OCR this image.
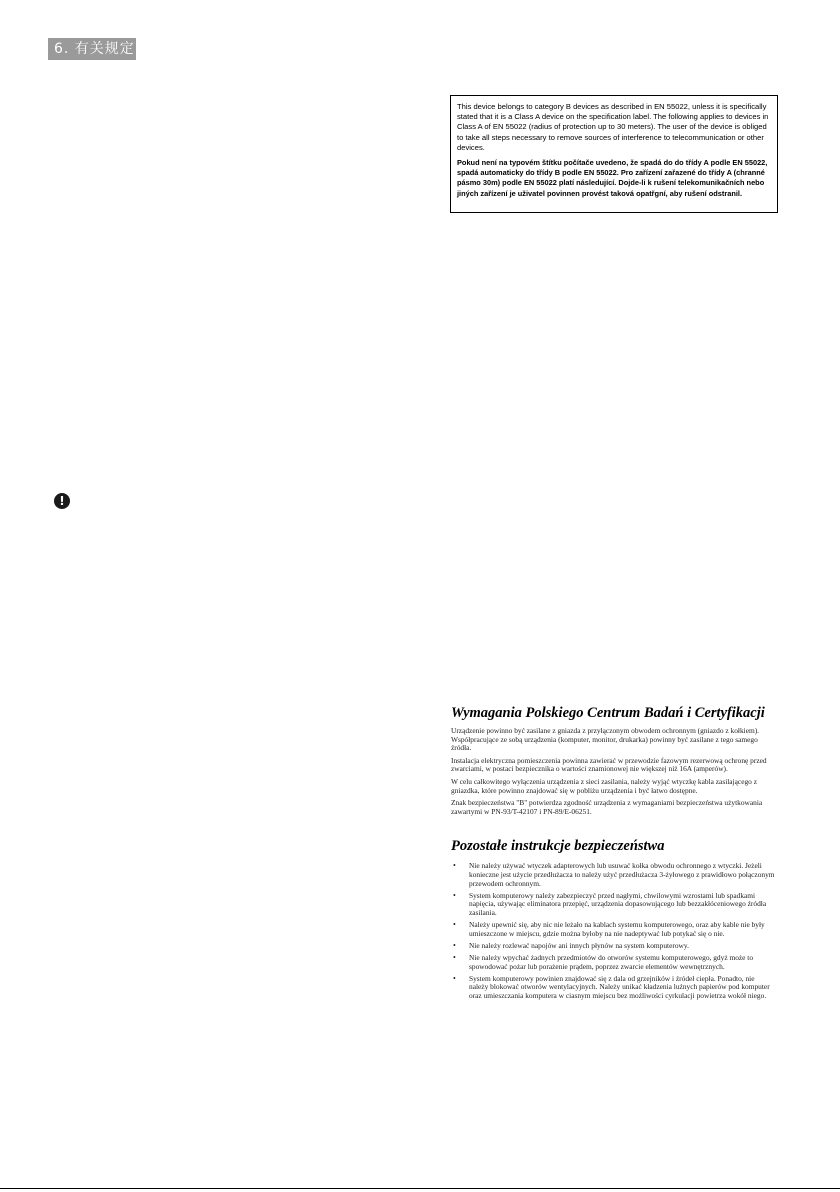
6. 有关规定

This device belongs to category B devices as described in EN 55022, unless it is specifically stated that it is a Class A device on the specification label. The following applies to devices in Class A of EN 55022 (radius of protection up to 30 meters). The user of the device is obliged to take all steps necessary to remove sources of interference to telecommunication or other devices.

Pokud není na typovém štítku počítače uvedeno, že spadá do do třídy A podle EN 55022, spadá automaticky do třídy B podle EN 55022. Pro zařízení zařazené do třídy A (chranné pásmo 30m) podle EN 55022 platí následující. Dojde-li k rušení telekomunikačních nebo jiných zařízení je uživatel povinnen provést taková opatřgní, aby rušení odstranil.

!
Wymagania Polskiego Centrum Badań i Certyfikacji

Urządzenie powinno być zasilane z gniazda z przyłączonym obwodem ochronnym (gniazdo z kołkiem). Współpracujące ze sobą urządzenia (komputer, monitor, drukarka) powinny być zasilane z tego samego źródła.

Instalacja elektryczna pomieszczenia powinna zawierać w przewodzie fazowym rezerwową ochronę przed zwarciami, w postaci bezpiecznika o wartości znamionowej nie większej niż 16A (amperów).

W celu całkowitego wyłączenia urządzenia z sieci zasilania, należy wyjąć wtyczkę kabla zasilającego z gniazdka, które powinno znajdować się w pobliżu urządzenia i być łatwo dostępne.

Znak bezpieczeństwa "B" potwierdza zgodność urządzenia z wymaganiami bezpieczeństwa użytkowania zawartymi w PN-93/T-42107 i PN-89/E-06251.

Pozostałe instrukcje bezpieczeństwa
• Nie należy używać wtyczek adapterowych lub usuwać kołka obwodu ochronnego z wtyczki. Jeżeli konieczne jest użycie przedłużacza to należy użyć przedłużacza 3-żyłowego z prawidłowo połączonym przewodem ochronnym.
• System komputerowy należy zabezpieczyć przed nagłymi, chwilowymi wzrostami lub spadkami napięcia, używając eliminatora przepięć, urządzenia dopasowującego lub bezzakłóceniowego źródła zasilania.
• Należy upewnić się, aby nic nie leżało na kablach systemu komputerowego, oraz aby kable nie były umieszczone w miejscu, gdzie można byłoby na nie nadeptywać lub potykać się o nie.
• Nie należy rozlewać napojów ani innych płynów na system komputerowy.
• Nie należy wpychać żadnych przedmiotów do otworów systemu komputerowego, gdyż może to spowodować pożar lub porażenie prądem, poprzez zwarcie elementów wewnętrznych.
• System komputerowy powinien znajdować się z dala od grzejników i źródeł ciepła. Ponadto, nie należy blokować otworów wentylacyjnych. Należy unikać kładzenia luźnych papierów pod komputer oraz umieszczania komputera w ciasnym miejscu bez możliwości cyrkulacji powietrza wokół niego.
